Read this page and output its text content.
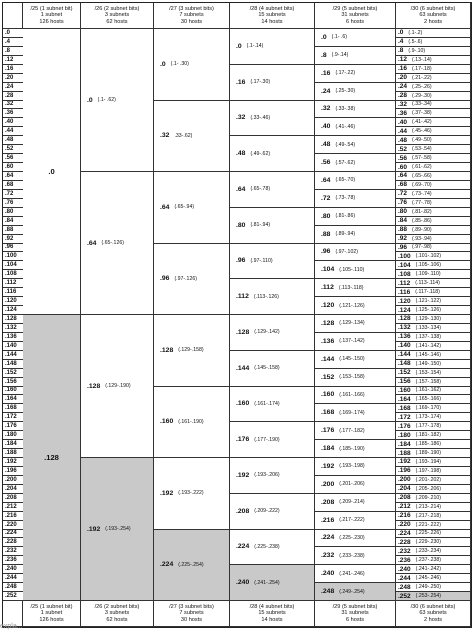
/25 (1 subnet bit)
1 subnet
126 hosts
/26 (2 subnet bits)
3 subnets
62 hosts
/27 (3 subnet bits)
7 subnets
30 hosts
/28 (4 subnet bits)
15 subnets
14 hosts
/29 (5 subnet bits)
31 subnets
6 hosts
/30 (6 subnet bits)
63 subnets
2 hosts
/25 (1 subnet bit)
1 subnet
126 hosts
/26 (2 subnet bits)
3 subnets
62 hosts
/27 (3 subnet bits)
7 subnets
30 hosts
/28 (4 subnet bits)
15 subnets
14 hosts
/29 (5 subnet bits)
31 subnets
6 hosts
/30 (6 subnet bits)
63 subnets
2 hosts
.0
.4
.8
.12
.16
.20
.24
.28
.32
.36
.40
.44
.48
.52
.56
.60
.64
.68
.72
.76
.80
.84
.88
.92
.96
.100
.104
.108
.112
.116
.120
.124
.128
.132
.136
.140
.144
.148
.152
.156
.160
.164
.168
.172
.176
.180
.184
.188
.192
.196
.200
.204
.208
.212
.216
.220
.224
.228
.232
.236
.240
.244
.248
.252
.0
.128
.0 (.1- .62)
.64 (.65-.126)
.128 (.129-.190)
.192 (.193-.254)
.0 (.1- .30)
.32 .33-.62)
.64 (.65-.94)
.96 (.97-.126)
.128 (.129-.158)
.160 (.161-.190)
.192 (.193-.222)
.224 (.225-.254)
.0 (.1-.14)
.16 (.17-.30)
.32 (.33-.46)
.48 (.49-.62)
.64 (.65-.78)
.80 (.81-.94)
.96 (.97-.110)
.112 (.113-.126)
.128 (.129-.142)
.144 (.145-.158)
.160 (.161-.174)
.176 (.177-.190)
.192 (.193-.206)
.208 (.209-.222)
.224 (.225-.238)
.240 (.241-.254)
.0 (.1- .6)
.8 (.9-.14)
.16 (.17-.22)
.24 (.25-.30)
.32 (.33-.38)
.40 (.41-.46)
.48 (.49-.54)
.56 (.57-.62)
.64 (.65-.70)
.72 (.73-.78)
.80 (.81-.86)
.88 (.89-.94)
.96 (.97-.102)
.104 (.105-.110)
.112 (.113-.118)
.120 (.121-.126)
.128 (.129-.134)
.136 (.137-.142)
.144 (.145-.150)
.152 (.153-.158)
.160 (.161-.166)
.168 (.169-.174)
.176 (.177-.182)
.184 (.185-.190)
.192 (.193-.198)
.200 (.201-.206)
.208 (.209-.214)
.216 (.217-.222)
.224 (.225-.230)
.232 (.233-.238)
.240 (.241-.246)
.248 (.249-.254)
.0 (.1-.2)
.4 (.5-.6)
.8 (.9-.10)
.12 (.13-.14)
.16 (.17-.18)
.20 (.21-.22)
.24 (.25-.26)
.28 (.29-.30)
.32 (.33-.34)
.36 (.37-.38)
.40 (.41-.42)
.44 (.45-.46)
.48 (.49-.50)
.52 (.53-.54)
.56 (.57-.58)
.60 (.61-.62)
.64 (.65-.66)
.68 (.69-.70)
.72 (.73-.74)
.76 (.77-.78)
.80 (.81-.82)
.84 (.85-.86)
.88 (.89-.90)
.92 (.93-.94)
.96 (.97-.98)
.100 (.101-.102)
.104 (.105-.106)
.108 (.109-.110)
.112 (.113-.114)
.116 (.117-.118)
.120 (.121-.122)
.124 (.125-.126)
.128 (.129-.130)
.132 (.133-.134)
.136 (.137-.138)
.140 (.141-.142)
.144 (.145-.146)
.148 (.149-.150)
.152 (.153-.154)
.156 (.157-.158)
.160 (.161-.162)
.164 (.165-.166)
.168 (.169-.170)
.172 (.173-.174)
.176 (.177-.178)
.180 (.181-.182)
.184 (.185-.186)
.188 (.189-.190)
.192 (.193-.194)
.196 (.197-.198)
.200 (.201-.202)
.204 (.205-.206)
.208 (.209-.210)
.212 (.213-.214)
.216 (.217-.218)
.220 (.221-.222)
.224 (.225-.226)
.228 (.229-.230)
.232 (.233-.234)
.236 (.237-.238)
.240 (.241-.242)
.244 (.245-.246)
.248 (.249-.250)
.252 (.253-.254)
expla...
